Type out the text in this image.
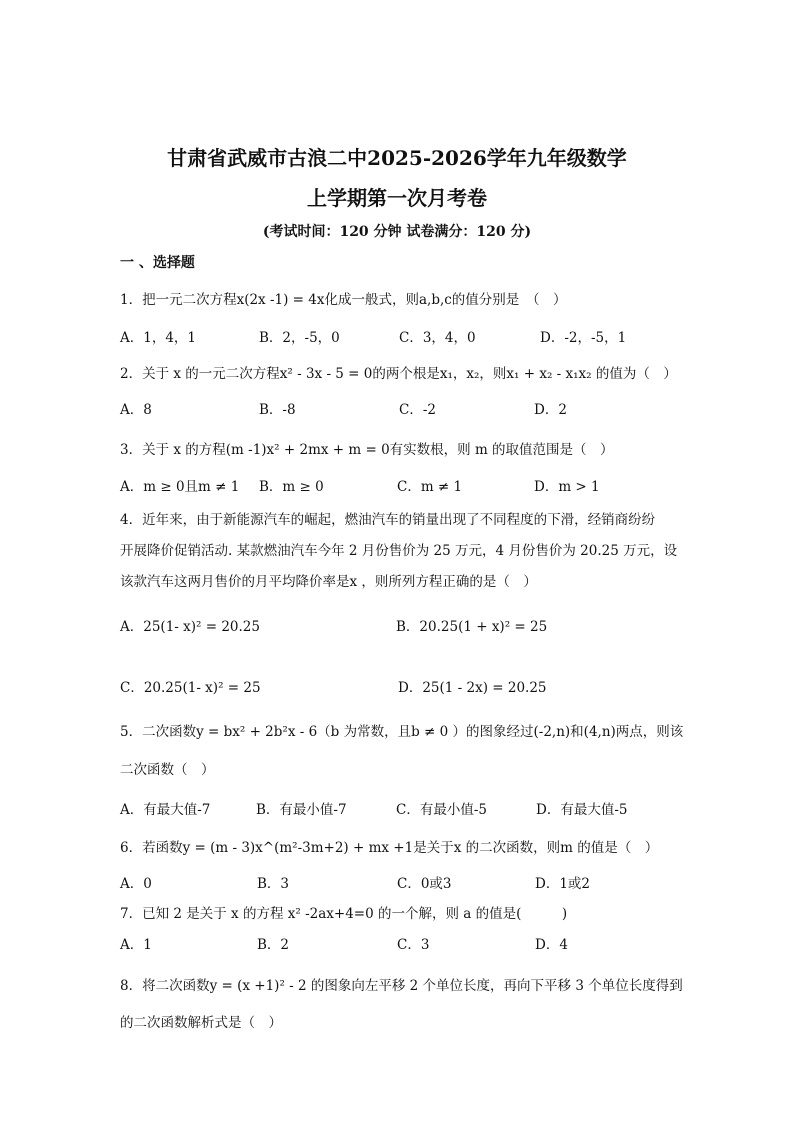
甘肃省武威市古浪二中2025-2026学年九年级数学
上学期第一次月考卷
(考试时间：120 分钟 试卷满分：120 分)
一 、选择题
1．把一元二次方程x(2x -1) = 4x化成一般式，则a,b,c的值分别是　（　）
A．1，4，1	B．2，-5，0	C．3，4，0	D．-2，-5，1
2．关于 x 的一元二次方程x² - 3x - 5 = 0的两个根是x₁，x₂，则x₁ + x₂ - x₁x₂ 的值为（　）
A．8	B．-8	C．-2	D．2
3．关于 x 的方程(m -1)x² + 2mx + m = 0有实数根，则 m 的取值范围是（　）
A．m ≥ 0且m ≠ 1 B．m ≥ 0	C．m ≠ 1	D．m > 1
4．近年来，由于新能源汽车的崛起，燃油汽车的销量出现了不同程度的下滑，经销商纷纷
开展降价促销活动. 某款燃油汽车今年 2 月份售价为 25 万元，4 月份售价为 20.25 万元，设
该款汽车这两月售价的月平均降价率是x ，则所列方程正确的是（　）
A．25(1- x)² = 20.25	B．20.25(1 + x)² = 25
C．20.25(1- x)² = 25	D．25(1 - 2x) = 20.25
5．二次函数y = bx² + 2b²x - 6（b 为常数，且b ≠ 0 ）的图象经过(-2,n)和(4,n)两点，则该
二次函数（　）
A．有最大值-7	B．有最小值-7	C．有最小值-5	D．有最大值-5
6．若函数y = (m - 3)x^(m²-3m+2) + mx +1是关于x 的二次函数，则m 的值是（　）
A．0	B．3	C．0或3	D．1或2
7．已知 2 是关于 x 的方程 x² -2ax+4=0 的一个解，则 a 的值是(　　　)
A．1	B．2	C．3	D．4
8．将二次函数y = (x +1)² - 2 的图象向左平移 2 个单位长度，再向下平移 3 个单位长度得到
的二次函数解析式是（　）
